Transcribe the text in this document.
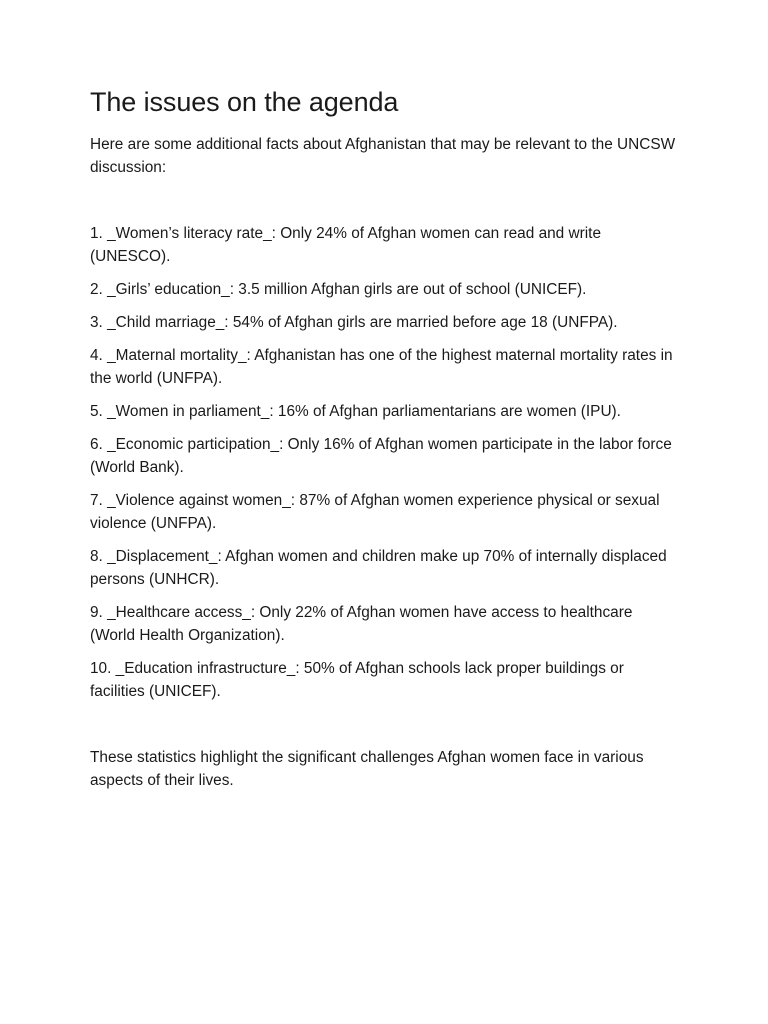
The issues on the agenda

Here are some additional facts about Afghanistan that may be relevant to the UNCSW discussion:

1. _Women’s literacy rate_: Only 24% of Afghan women can read and write (UNESCO).
2. _Girls’ education_: 3.5 million Afghan girls are out of school (UNICEF).
3. _Child marriage_: 54% of Afghan girls are married before age 18 (UNFPA).
4. _Maternal mortality_: Afghanistan has one of the highest maternal mortality rates in the world (UNFPA).
5. _Women in parliament_: 16% of Afghan parliamentarians are women (IPU).
6. _Economic participation_: Only 16% of Afghan women participate in the labor force (World Bank).
7. _Violence against women_: 87% of Afghan women experience physical or sexual violence (UNFPA).
8. _Displacement_: Afghan women and children make up 70% of internally displaced persons (UNHCR).
9. _Healthcare access_: Only 22% of Afghan women have access to healthcare (World Health Organization).
10. _Education infrastructure_: 50% of Afghan schools lack proper buildings or facilities (UNICEF).

These statistics highlight the significant challenges Afghan women face in various aspects of their lives.
